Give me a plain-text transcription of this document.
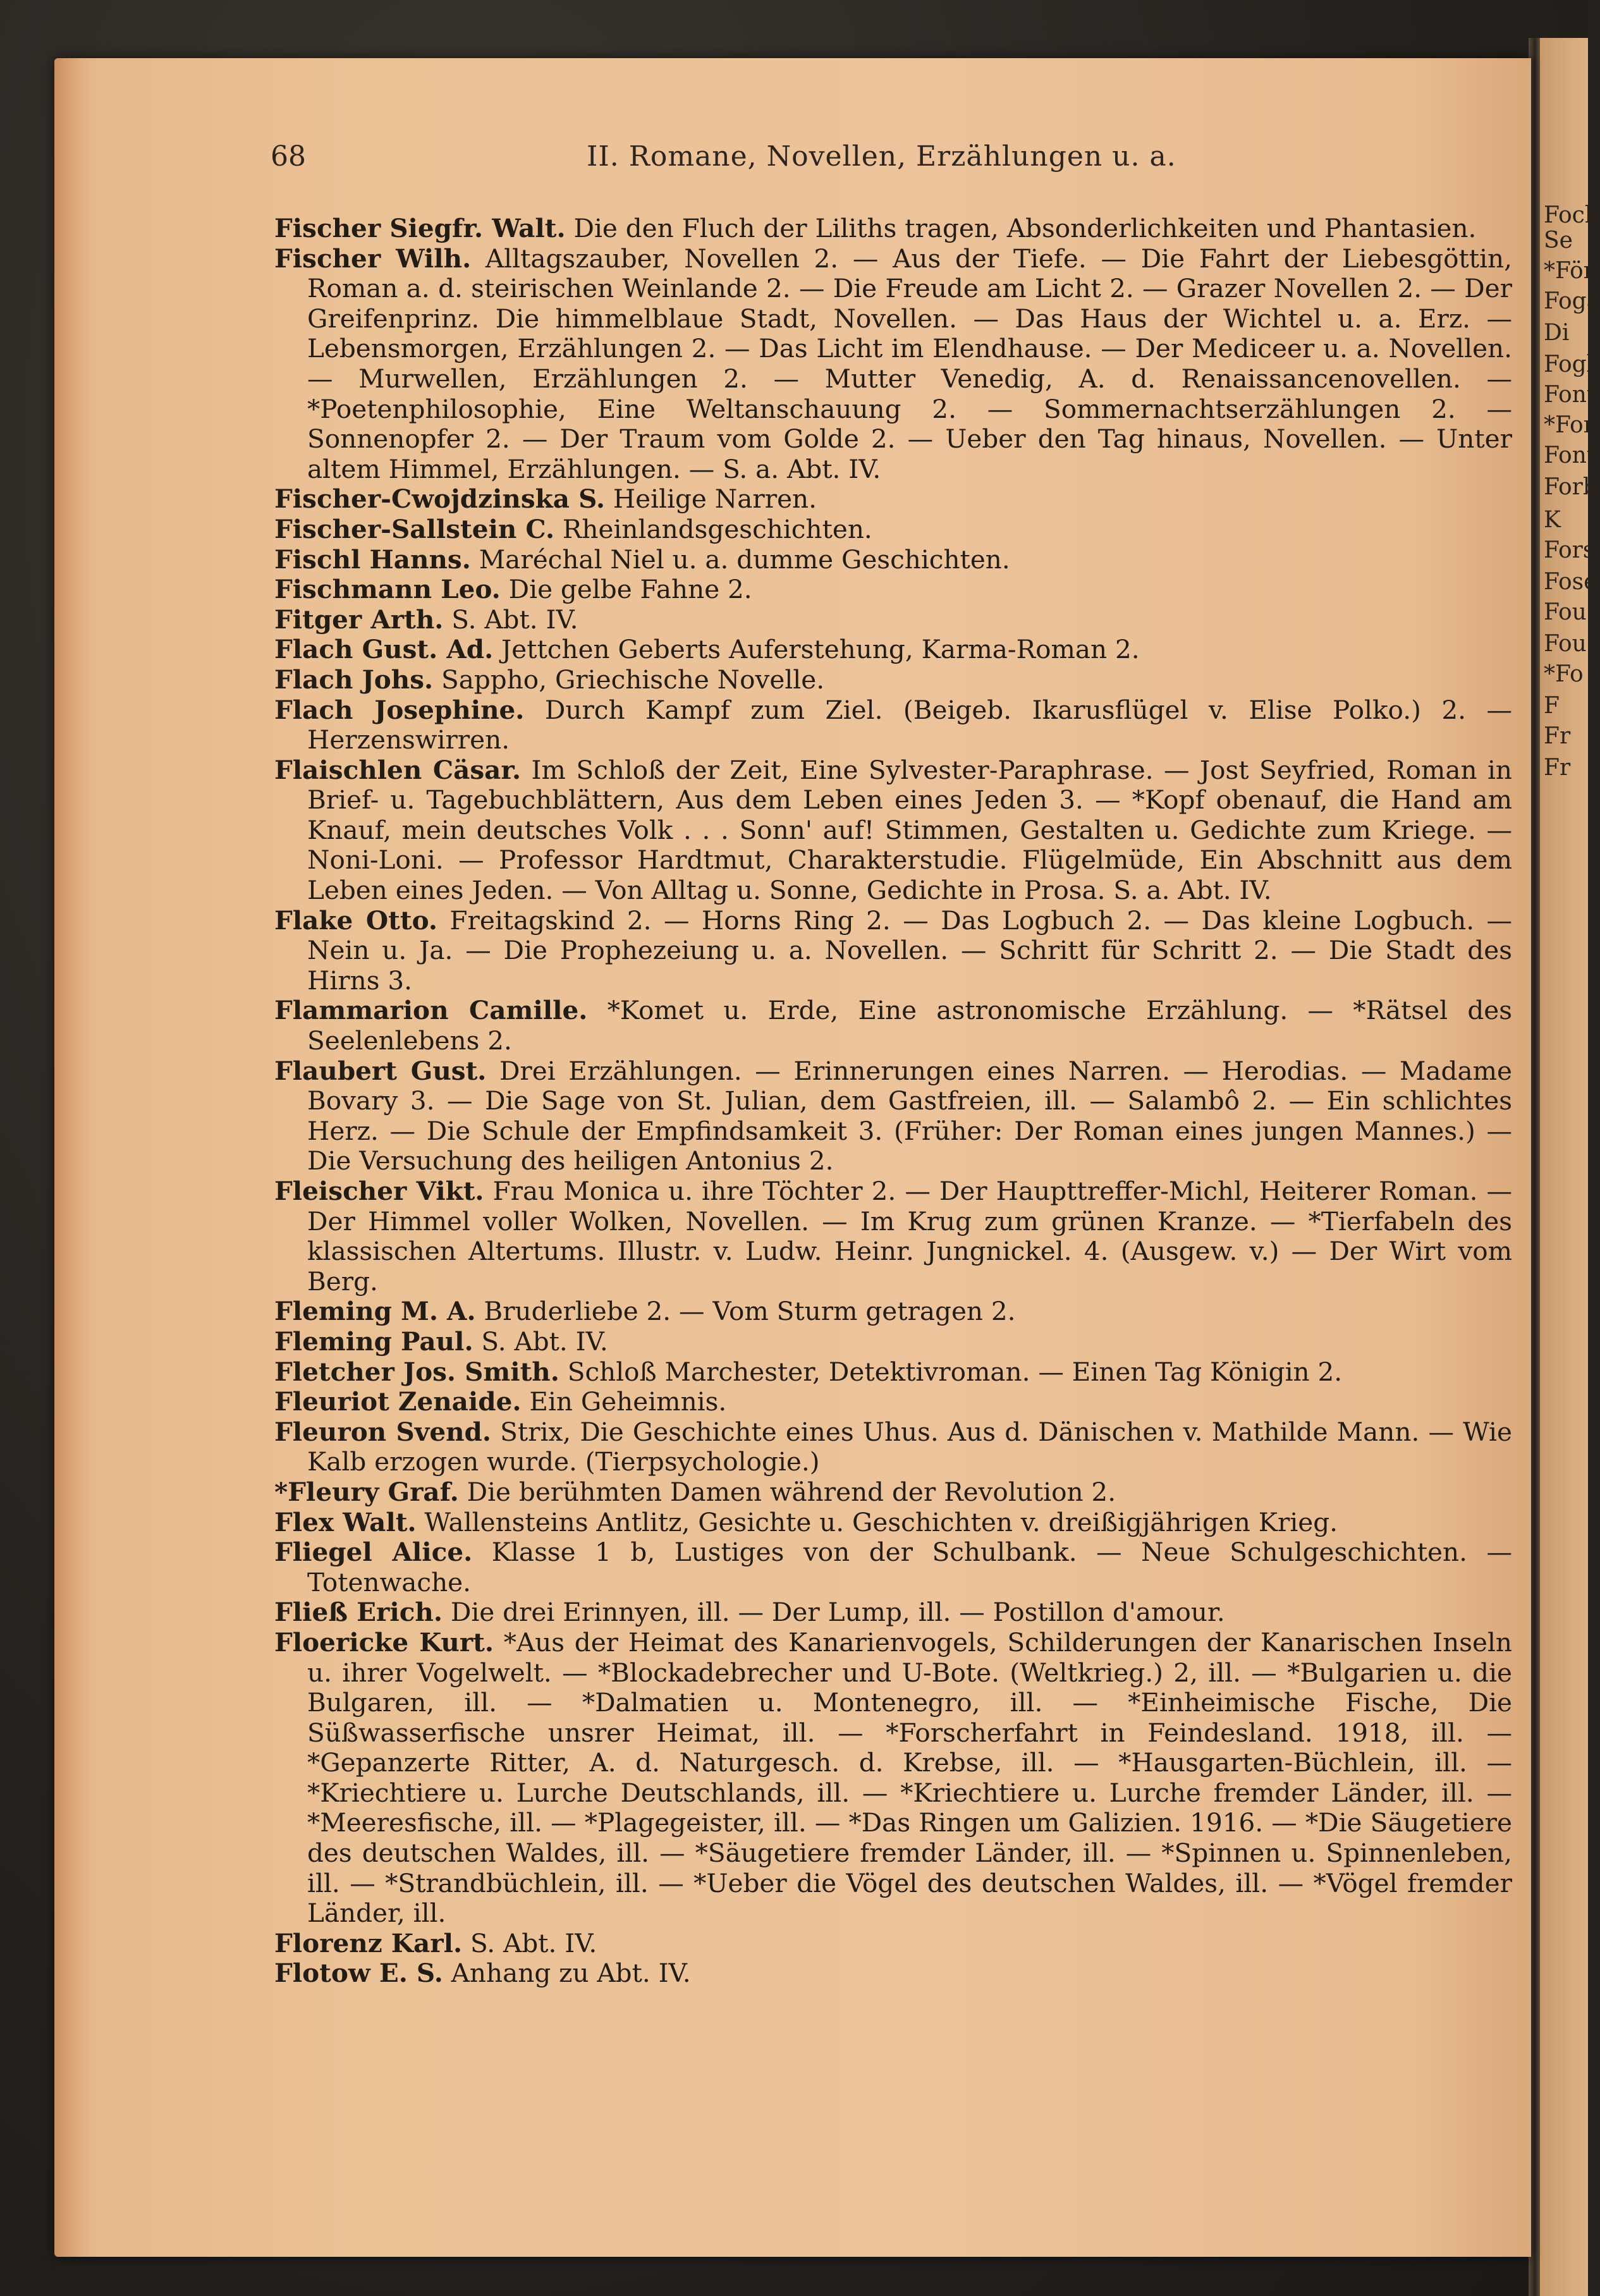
Fock
Se
*För
Foga
Di
Fogl
Font
*Fon
Font
Forb
K
Fors
Fose
Fou
Fou
*Fo
F
Fr
Fr
68	II. Romane, Novellen, Erzählungen u. a.

Fischer Siegfr. Walt. Die den Fluch der Liliths tragen, Absonderlichkeiten und Phantasien.

Fischer Wilh. Alltagszauber, Novellen 2. — Aus der Tiefe. — Die Fahrt der Liebesgöttin, Roman a. d. steirischen Weinlande 2. — Die Freude am Licht 2. — Grazer Novellen 2. — Der Greifenprinz. Die himmelblaue Stadt, Novellen. — Das Haus der Wichtel u. a. Erz. — Lebensmorgen, Erzählungen 2. — Das Licht im Elendhause. — Der Mediceer u. a. Novellen. — Murwellen, Erzählungen 2. — Mutter Venedig, A. d. Renaissancenovellen. — *Poetenphilosophie, Eine Weltanschauung 2. — Sommernachtserzählungen 2. — Sonnenopfer 2. — Der Traum vom Golde 2. — Ueber den Tag hinaus, Novellen. — Unter altem Himmel, Erzählungen. — S. a. Abt. IV.

Fischer-Cwojdzinska S. Heilige Narren.

Fischer-Sallstein C. Rheinlandsgeschichten.

Fischl Hanns. Maréchal Niel u. a. dumme Geschichten.

Fischmann Leo. Die gelbe Fahne 2.

Fitger Arth. S. Abt. IV.

Flach Gust. Ad. Jettchen Geberts Auferstehung, Karma-Roman 2.

Flach Johs. Sappho, Griechische Novelle.

Flach Josephine. Durch Kampf zum Ziel. (Beigeb. Ikarusflügel v. Elise Polko.) 2. — Herzenswirren.

Flaischlen Cäsar. Im Schloß der Zeit, Eine Sylvester-Paraphrase. — Jost Seyfried, Roman in Brief- u. Tagebuchblättern, Aus dem Leben eines Jeden 3. — *Kopf obenauf, die Hand am Knauf, mein deutsches Volk . . . Sonn' auf! Stimmen, Gestalten u. Gedichte zum Kriege. — Noni-Loni. — Professor Hardtmut, Charakterstudie. Flügelmüde, Ein Abschnitt aus dem Leben eines Jeden. — Von Alltag u. Sonne, Gedichte in Prosa. S. a. Abt. IV.

Flake Otto. Freitagskind 2. — Horns Ring 2. — Das Logbuch 2. — Das kleine Logbuch. — Nein u. Ja. — Die Prophezeiung u. a. Novellen. — Schritt für Schritt 2. — Die Stadt des Hirns 3.

Flammarion Camille. *Komet u. Erde, Eine astronomische Erzählung. — *Rätsel des Seelenlebens 2.

Flaubert Gust. Drei Erzählungen. — Erinnerungen eines Narren. — Herodias. — Madame Bovary 3. — Die Sage von St. Julian, dem Gastfreien, ill. — Salambô 2. — Ein schlichtes Herz. — Die Schule der Empfindsamkeit 3. (Früher: Der Roman eines jungen Mannes.) — Die Versuchung des heiligen Antonius 2.

Fleischer Vikt. Frau Monica u. ihre Töchter 2. — Der Haupttreffer-Michl, Heiterer Roman. — Der Himmel voller Wolken, Novellen. — Im Krug zum grünen Kranze. — *Tierfabeln des klassischen Altertums. Illustr. v. Ludw. Heinr. Jungnickel. 4. (Ausgew. v.) — Der Wirt vom Berg.

Fleming M. A. Bruderliebe 2. — Vom Sturm getragen 2.

Fleming Paul. S. Abt. IV.

Fletcher Jos. Smith. Schloß Marchester, Detektivroman. — Einen Tag Königin 2.

Fleuriot Zenaide. Ein Geheimnis.

Fleuron Svend. Strix, Die Geschichte eines Uhus. Aus d. Dänischen v. Mathilde Mann. — Wie Kalb erzogen wurde. (Tierpsychologie.)

*Fleury Graf. Die berühmten Damen während der Revolution 2.

Flex Walt. Wallensteins Antlitz, Gesichte u. Geschichten v. dreißigjährigen Krieg.

Fliegel Alice. Klasse 1 b, Lustiges von der Schulbank. — Neue Schulgeschichten. — Totenwache.

Fließ Erich. Die drei Erinnyen, ill. — Der Lump, ill. — Postillon d'amour.

Floericke Kurt. *Aus der Heimat des Kanarienvogels, Schilderungen der Kanarischen Inseln u. ihrer Vogelwelt. — *Blockadebrecher und U-Bote. (Weltkrieg.) 2, ill. — *Bulgarien u. die Bulgaren, ill. — *Dalmatien u. Montenegro, ill. — *Einheimische Fische, Die Süßwasserfische unsrer Heimat, ill. — *Forscherfahrt in Feindesland. 1918, ill. — *Gepanzerte Ritter, A. d. Naturgesch. d. Krebse, ill. — *Hausgarten-Büchlein, ill. — *Kriechtiere u. Lurche Deutschlands, ill. — *Kriechtiere u. Lurche fremder Länder, ill. — *Meeresfische, ill. — *Plagegeister, ill. — *Das Ringen um Galizien. 1916. — *Die Säugetiere des deutschen Waldes, ill. — *Säugetiere fremder Länder, ill. — *Spinnen u. Spinnenleben, ill. — *Strandbüchlein, ill. — *Ueber die Vögel des deutschen Waldes, ill. — *Vögel fremder Länder, ill.

Florenz Karl. S. Abt. IV.

Flotow E. S. Anhang zu Abt. IV.
